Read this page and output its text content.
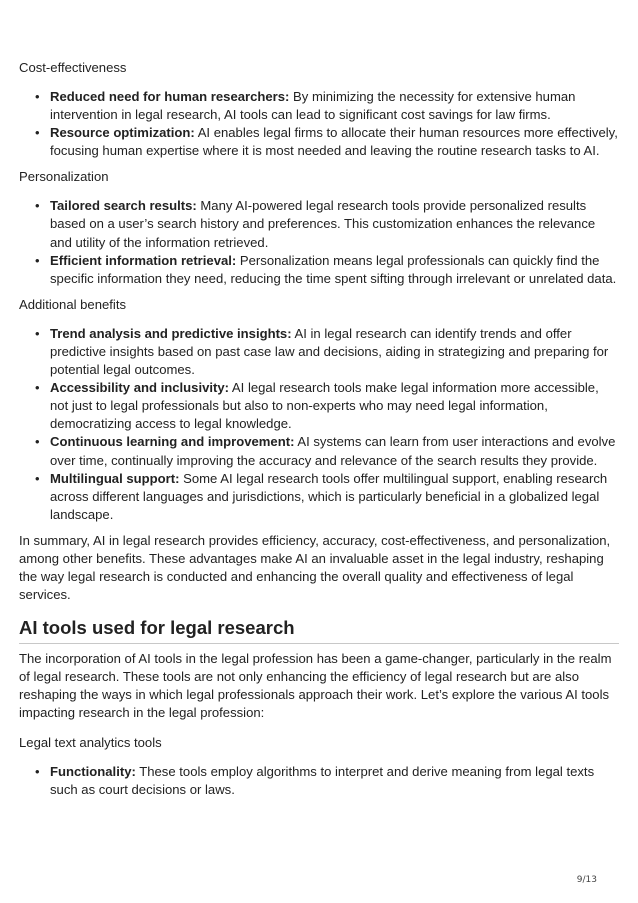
Cost-effectiveness

• Reduced need for human researchers: By minimizing the necessity for extensive human intervention in legal research, AI tools can lead to significant cost savings for law firms.
• Resource optimization: AI enables legal firms to allocate their human resources more effectively, focusing human expertise where it is most needed and leaving the routine research tasks to AI.

Personalization

• Tailored search results: Many AI-powered legal research tools provide personalized results based on a user’s search history and preferences. This customization enhances the relevance and utility of the information retrieved.
• Efficient information retrieval: Personalization means legal professionals can quickly find the specific information they need, reducing the time spent sifting through irrelevant or unrelated data.

Additional benefits

• Trend analysis and predictive insights: AI in legal research can identify trends and offer predictive insights based on past case law and decisions, aiding in strategizing and preparing for potential legal outcomes.
• Accessibility and inclusivity: AI legal research tools make legal information more accessible, not just to legal professionals but also to non-experts who may need legal information, democratizing access to legal knowledge.
• Continuous learning and improvement: AI systems can learn from user interactions and evolve over time, continually improving the accuracy and relevance of the search results they provide.
• Multilingual support: Some AI legal research tools offer multilingual support, enabling research across different languages and jurisdictions, which is particularly beneficial in a globalized legal landscape.

In summary, AI in legal research provides efficiency, accuracy, cost-effectiveness, and personalization, among other benefits. These advantages make AI an invaluable asset in the legal industry, reshaping the way legal research is conducted and enhancing the overall quality and effectiveness of legal services.

AI tools used for legal research

The incorporation of AI tools in the legal profession has been a game-changer, particularly in the realm of legal research. These tools are not only enhancing the efficiency of legal research but are also reshaping the ways in which legal professionals approach their work. Let’s explore the various AI tools impacting research in the legal profession:

Legal text analytics tools

• Functionality: These tools employ algorithms to interpret and derive meaning from legal texts such as court decisions or laws.
9/13
